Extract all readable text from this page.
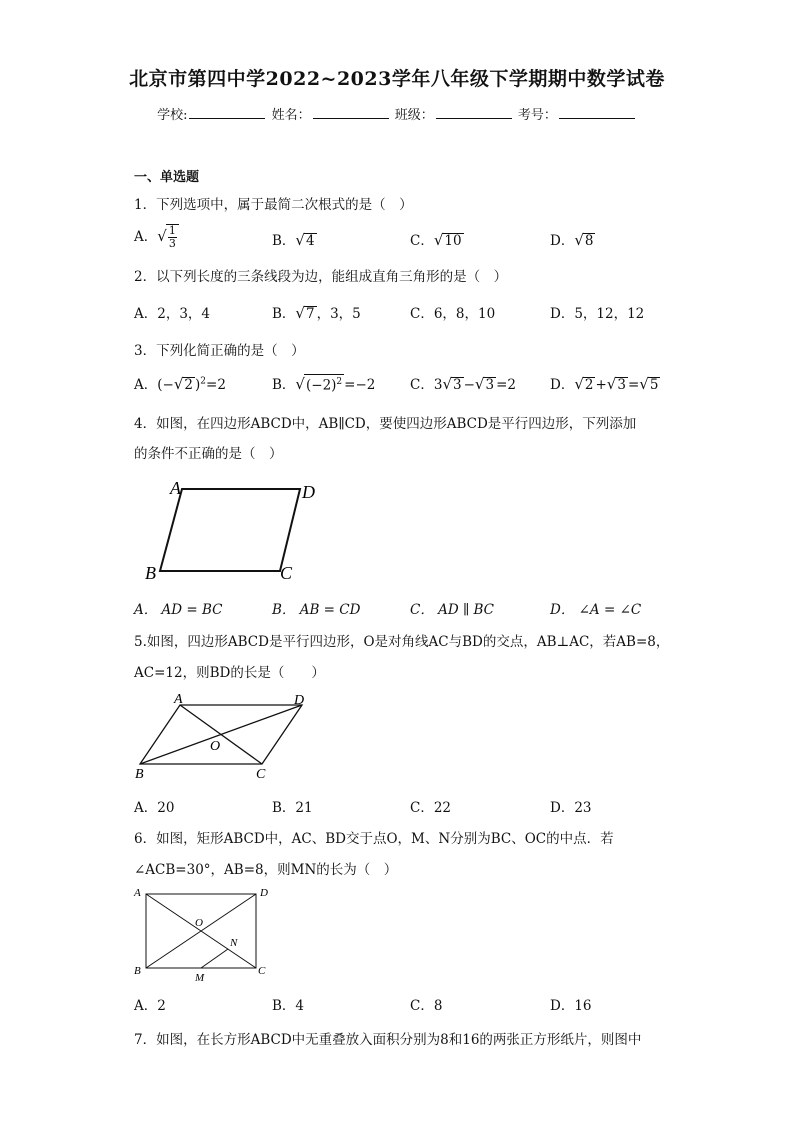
北京市第四中学2022~2023学年八年级下学期期中数学试卷
学校:	姓名：	班级：	考号：
一、单选题
1．下列选项中，属于最简二次根式的是（　）
A．√ $\frac{1}{3}$	B．√4	C．√10	D．√8
2．以下列长度的三条线段为边，能组成直角三角形的是（　）
A．2，3，4	B．√7 ，3，5	C．6，8，10	D．5，12，12
3．下列化简正确的是（　）
A．(−√2 )$^2$=2	B．$√(-2)^2 =-2$	C．3√3 −√3 =2	D．√2 +√3 =√5
4．如图，在四边形ABCD中，AB∥CD，要使四边形ABCD是平行四边形，下列添加
的条件不正确的是（　）
A	D
B	C
A． AD = BC	B． AB = CD	C． AD ∥ BC	D． ∠A = ∠C
5.如图，四边形ABCD是平行四边形，O是对角线AC与BD的交点，AB⊥AC，若AB=8，
AC=12，则BD的长是（　　）
A	D
O
B	C
A．20	B．21	C．22	D．23
6．如图，矩形ABCD中，AC、BD交于点O，M、N分别为BC、OC的中点．若
∠ACB=30°，AB=8，则MN的长为（　）
A	D
O
N
B	C
M
A．2	B．4	C．8	D．16
7．如图，在长方形ABCD中无重叠放入面积分别为8和16的两张正方形纸片，则图中
